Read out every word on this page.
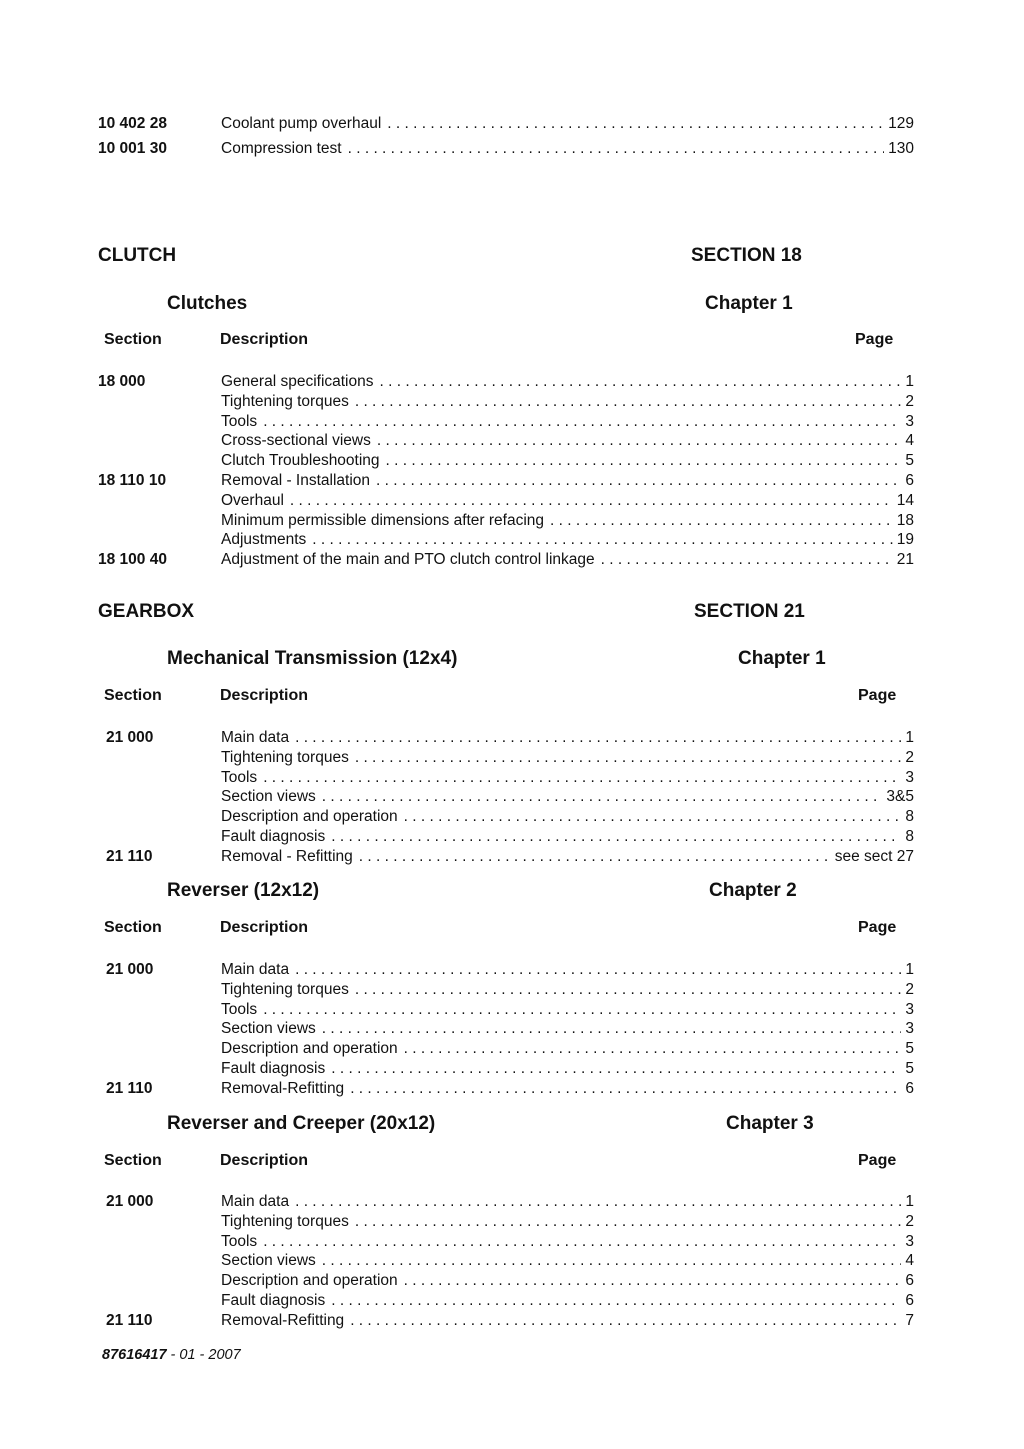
10 402 28	Coolant pump overhaul . . .	129
10 001 30	Compression test . . .	130
CLUTCH	SECTION 18
Clutches	Chapter 1
Section	Description	Page
GEARBOX	SECTION 21
Mechanical Transmission (12x4)	Chapter 1
Section	Description	Page
Reverser (12x12)	Chapter 2
Section	Description	Page
Reverser and Creeper (20x12)	Chapter 3
Section	Description	Page
87616417 ‑ 01 ‑ 2007
18 000	General specifications . . .	1
Tightening torques . . .	2
Tools . . .	3
Cross‑sectional views . . .	4
Clutch Troubleshooting . . .	5
18 110 10	Removal ‑ Installation . . .	6
Overhaul . . .	14
Minimum permissible dimensions after refacing . . .	18
Adjustments . . .	19
18 100 40	Adjustment of the main and PTO clutch control linkage . . .	21
21 000	Main data . . .	1
Tightening torques . . .	2
Tools . . .	3
Section views . . .	3&5
Description and operation . . .	8
Fault diagnosis . . .	8
21 110	Removal ‑ Refitting . . .	see sect 27
21 000	Main data . . .	1
Tightening torques . . .	2
Tools . . .	3
Section views . . .	3
Description and operation . . .	5
Fault diagnosis . . .	5
21 110	Removal‑Refitting . . .	6
21 000	Main data . . .	1
Tightening torques . . .	2
Tools . . .	3
Section views . . .	4
Description and operation . . .	6
Fault diagnosis . . .	6
21 110	Removal‑Refitting . . .	7
